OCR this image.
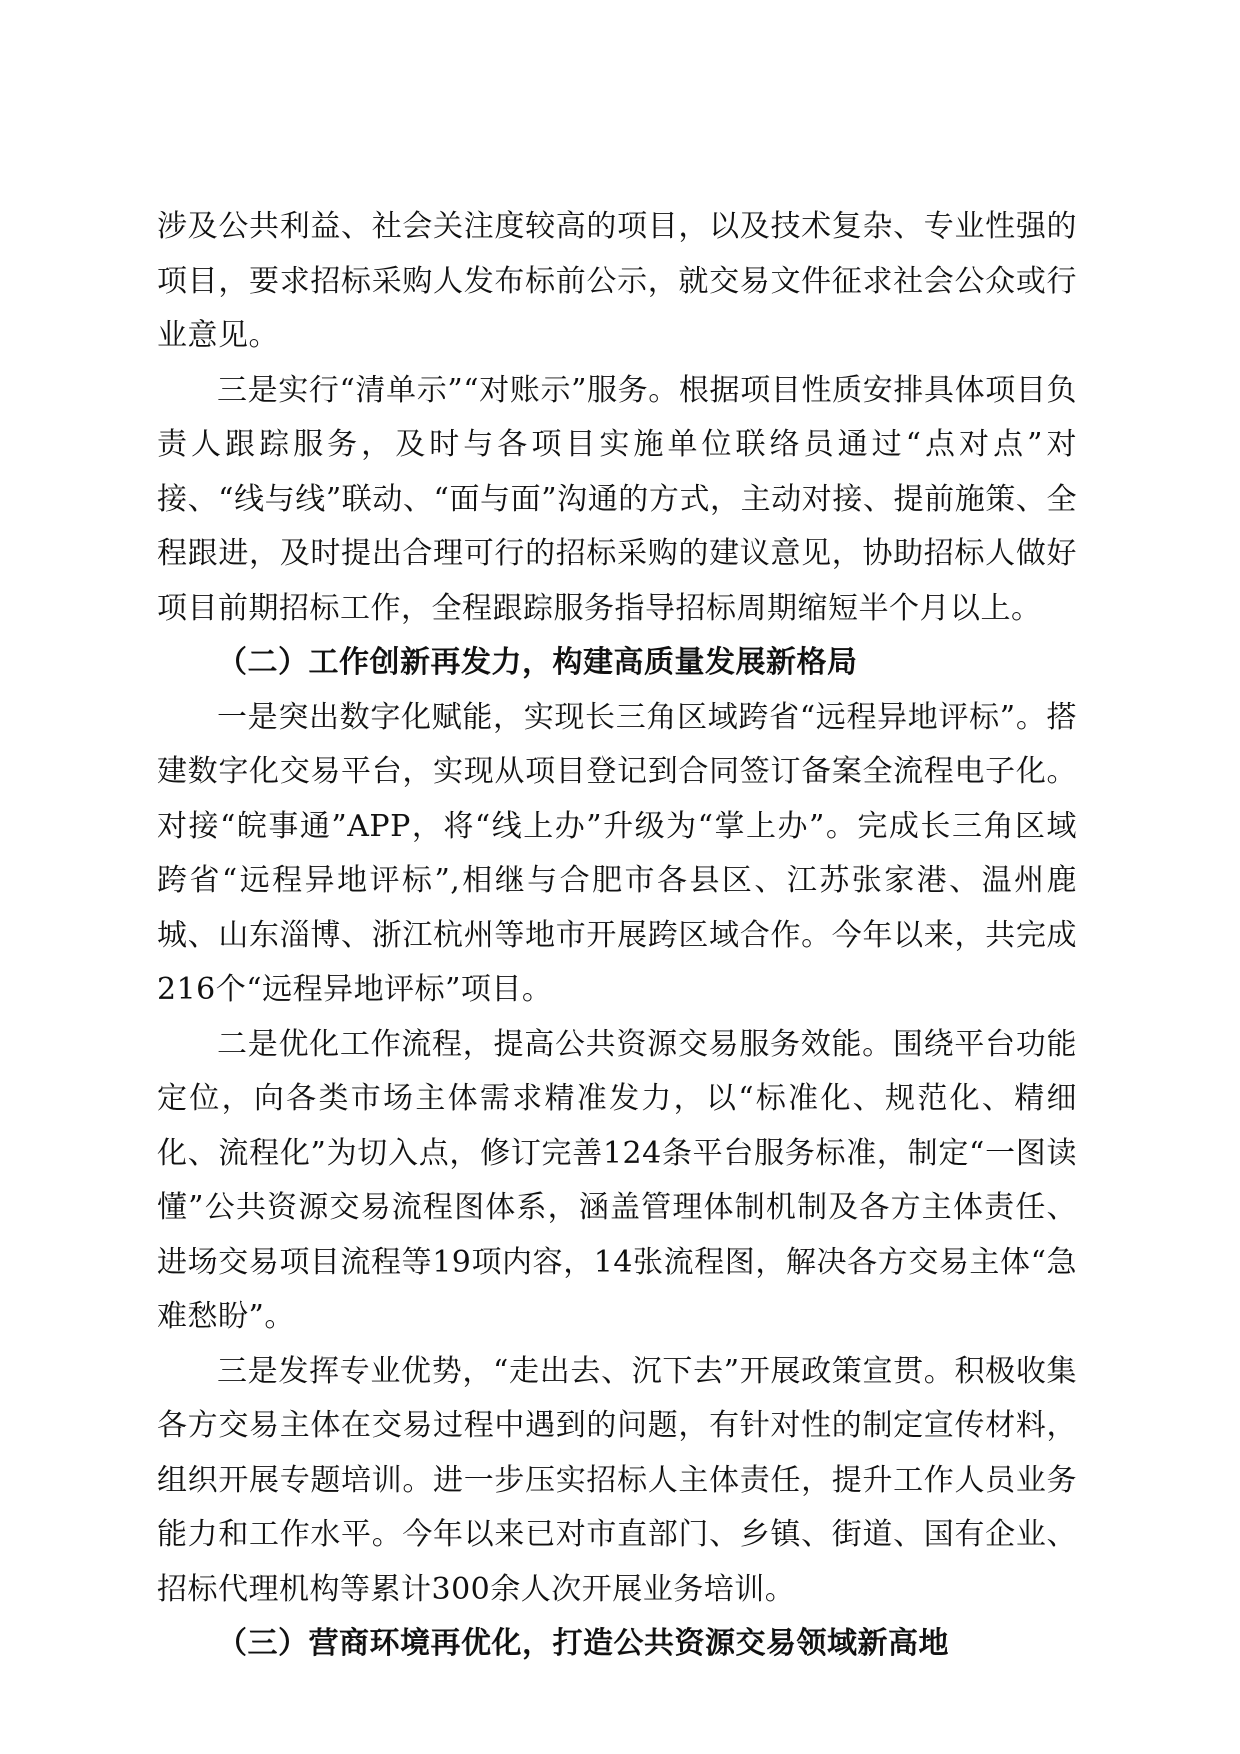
涉及公共利益、社会关注度较高的项目，以及技术复杂、专业性强的项目，要求招标采购人发布标前公示，就交易文件征求社会公众或行业意见。

三是实行“清单示”“对账示”服务。根据项目性质安排具体项目负责人跟踪服务，及时与各项目实施单位联络员通过“点对点”对接、“线与线”联动、“面与面”沟通的方式，主动对接、提前施策、全程跟进，及时提出合理可行的招标采购的建议意见，协助招标人做好项目前期招标工作，全程跟踪服务指导招标周期缩短半个月以上。

（二）工作创新再发力，构建高质量发展新格局

一是突出数字化赋能，实现长三角区域跨省“远程异地评标”。搭建数字化交易平台，实现从项目登记到合同签订备案全流程电子化。对接“皖事通”APP，将“线上办”升级为“掌上办”。完成长三角区域跨省“远程异地评标”,相继与合肥市各县区、江苏张家港、温州鹿城、山东淄博、浙江杭州等地市开展跨区域合作。今年以来，共完成216个“远程异地评标”项目。

二是优化工作流程，提高公共资源交易服务效能。围绕平台功能定位，向各类市场主体需求精准发力，以“标准化、规范化、精细化、流程化”为切入点，修订完善124条平台服务标准，制定“一图读懂”公共资源交易流程图体系，涵盖管理体制机制及各方主体责任、进场交易项目流程等19项内容，14张流程图，解决各方交易主体“急难愁盼”。

三是发挥专业优势，“走出去、沉下去”开展政策宣贯。积极收集各方交易主体在交易过程中遇到的问题，有针对性的制定宣传材料，组织开展专题培训。进一步压实招标人主体责任，提升工作人员业务能力和工作水平。今年以来已对市直部门、乡镇、街道、国有企业、招标代理机构等累计300余人次开展业务培训。

（三）营商环境再优化，打造公共资源交易领域新高地
